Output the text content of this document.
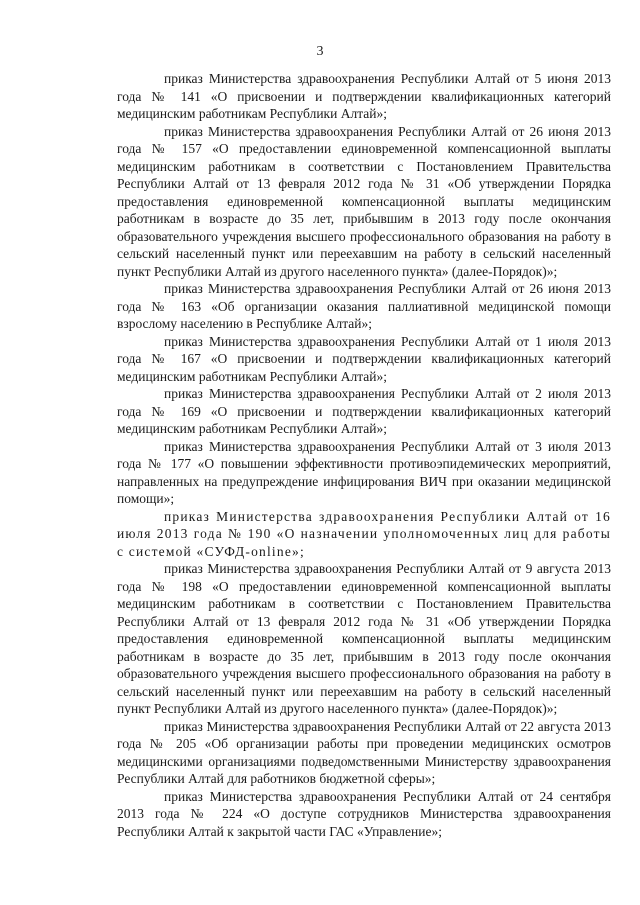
3

приказ Министерства здравоохранения Республики Алтай от 5 июня 2013 года № 141 «О присвоении и подтверждении квалификационных категорий медицинским работникам Республики Алтай»;

приказ Министерства здравоохранения Республики Алтай от 26 июня 2013 года № 157 «О предоставлении единовременной компенсационной выплаты медицинским работникам в соответствии с Постановлением Правительства Республики Алтай от 13 февраля 2012 года № 31 «Об утверждении Порядка предоставления единовременной компенсационной выплаты медицинским работникам в возрасте до 35 лет, прибывшим в 2013 году после окончания образовательного учреждения высшего профессионального образования на работу в сельский населенный пункт или переехавшим на работу в сельский населенный пункт Республики Алтай из другого населенного пункта» (далее-Порядок)»;

приказ Министерства здравоохранения Республики Алтай от 26 июня 2013 года № 163 «Об организации оказания паллиативной медицинской помощи взрослому населению в Республике Алтай»;

приказ Министерства здравоохранения Республики Алтай от 1 июля 2013 года № 167 «О присвоении и подтверждении квалификационных категорий медицинским работникам Республики Алтай»;

приказ Министерства здравоохранения Республики Алтай от 2 июля 2013 года № 169 «О присвоении и подтверждении квалификационных категорий медицинским работникам Республики Алтай»;

приказ Министерства здравоохранения Республики Алтай от 3 июля 2013 года № 177 «О повышении эффективности противоэпидемических мероприятий, направленных на предупреждение инфицирования ВИЧ при оказании медицинской помощи»;

приказ Министерства здравоохранения Республики Алтай от 16 июля 2013 года № 190 «О назначении уполномоченных лиц для работы с системой «СУФД-online»;

приказ Министерства здравоохранения Республики Алтай от 9 августа 2013 года № 198 «О предоставлении единовременной компенсационной выплаты медицинским работникам в соответствии с Постановлением Правительства Республики Алтай от 13 февраля 2012 года № 31 «Об утверждении Порядка предоставления единовременной компенсационной выплаты медицинским работникам в возрасте до 35 лет, прибывшим в 2013 году после окончания образовательного учреждения высшего профессионального образования на работу в сельский населенный пункт или переехавшим на работу в сельский населенный пункт Республики Алтай из другого населенного пункта» (далее-Порядок)»;

приказ Министерства здравоохранения Республики Алтай от 22 августа 2013 года № 205 «Об организации работы при проведении медицинских осмотров медицинскими организациями подведомственными Министерству здравоохранения Республики Алтай для работников бюджетной сферы»;

приказ Министерства здравоохранения Республики Алтай от 24 сентября 2013 года № 224 «О доступе сотрудников Министерства здравоохранения Республики Алтай к закрытой части ГАС «Управление»;
